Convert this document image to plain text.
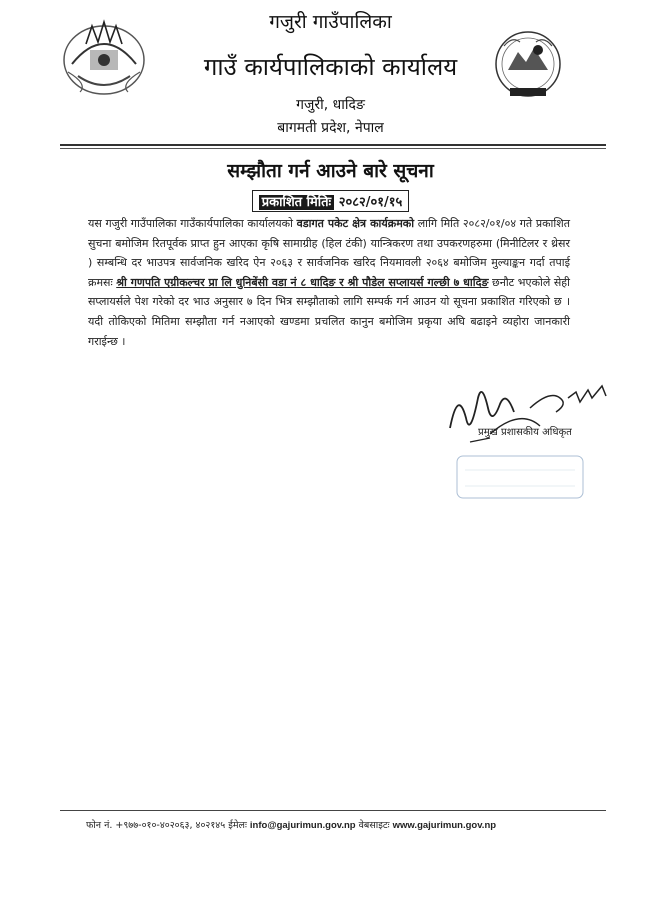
गजुरी गाउँपालिका
गाउँ कार्यपालिकाको कार्यालय
गजुरी, धादिङ
बागमती प्रदेश, नेपाल
सम्झौता गर्न आउने बारे सूचना
प्रकाशित मितिः २०८२/०१/१५
यस गजुरी गाउँपालिका गाउँकार्यपालिका कार्यालयको वडागत पकेट क्षेत्र कार्यक्रमको लागि मिति २०८२/०१/०४ गते प्रकाशित सुचना बमोजिम रितपूर्वक प्राप्त हुन आएका कृषि सामाग्रीह (हिल टंकी) यान्त्रिकरण तथा उपकरणहरुमा (मिनीटिलर र थ्रेसर ) सम्बन्धि दर भाउपत्र सार्वजनिक खरिद ऐन २०६३ र सार्वजनिक खरिद नियमावली २०६४ बमोजिम मुल्याङ्कन गर्दा तपाई क्रमसः श्री गणपति एग्रीकल्चर प्रा लि धुनिबेंसी वडा नं ८ धादिङ र श्री पौडेल सप्लायर्स गल्छी ७ धादिङ छनौट भएकोले सेही सप्लायर्सले पेश गरेको दर भाउ अनुसार ७ दिन भित्र सम्झौताको लागि सम्पर्क गर्न आउन यो सूचना प्रकाशित गरिएको छ । यदी तोकिएको मितिमा सम्झौता गर्न नआएको खण्डमा प्रचलित कानुन बमोजिम प्रकृया अघि बढाइने व्यहोरा जानकारी गराईन्छ ।
प्रमुख प्रशासकीय अधिकृत
फोन नं. +९७७-०१०-४०२०६३, ४०२१४५ ईमेलः info@gajurimun.gov.np वेबसाइटः www.gajurimun.gov.np
